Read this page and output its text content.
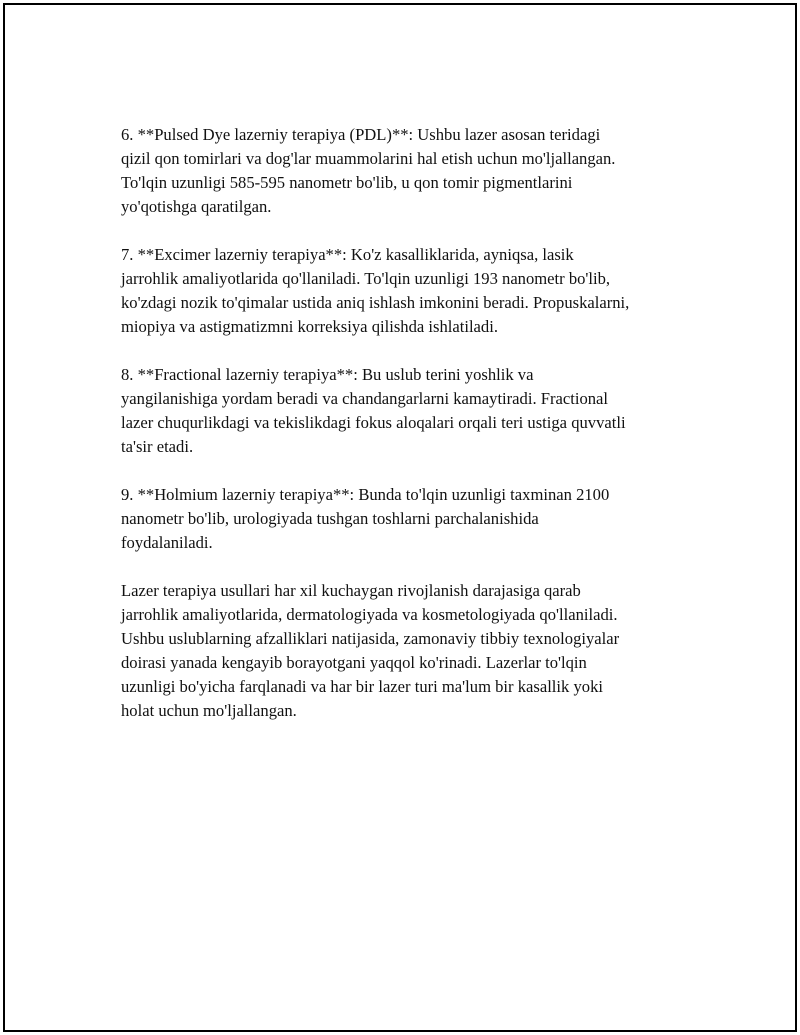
6. **Pulsed Dye lazerniy terapiya (PDL)**: Ushbu lazer asosan teridagi
qizil qon tomirlari va dog'lar muammolarini hal etish uchun mo'ljallangan.
To'lqin uzunligi 585-595 nanometr bo'lib, u qon tomir pigmentlarini
yo'qotishga qaratilgan.

7. **Excimer lazerniy terapiya**: Ko'z kasalliklarida, ayniqsa, lasik
jarrohlik amaliyotlarida qo'llaniladi. To'lqin uzunligi 193 nanometr bo'lib,
ko'zdagi nozik to'qimalar ustida aniq ishlash imkonini beradi. Propuskalarni,
miopiya va astigmatizmni korreksiya qilishda ishlatiladi.

8. **Fractional lazerniy terapiya**: Bu uslub terini yoshlik va
yangilanishiga yordam beradi va chandangarlarni kamaytiradi. Fractional
lazer chuqurlikdagi va tekislikdagi fokus aloqalari orqali teri ustiga quvvatli
ta'sir etadi.

9. **Holmium lazerniy terapiya**: Bunda to'lqin uzunligi taxminan 2100
nanometr bo'lib, urologiyada tushgan toshlarni parchalanishida
foydalaniladi.

Lazer terapiya usullari har xil kuchaygan rivojlanish darajasiga qarab
jarrohlik amaliyotlarida, dermatologiyada va kosmetologiyada qo'llaniladi.
Ushbu uslublarning afzalliklari natijasida, zamonaviy tibbiy texnologiyalar
doirasi yanada kengayib borayotgani yaqqol ko'rinadi. Lazerlar to'lqin
uzunligi bo'yicha farqlanadi va har bir lazer turi ma'lum bir kasallik yoki
holat uchun mo'ljallangan.
